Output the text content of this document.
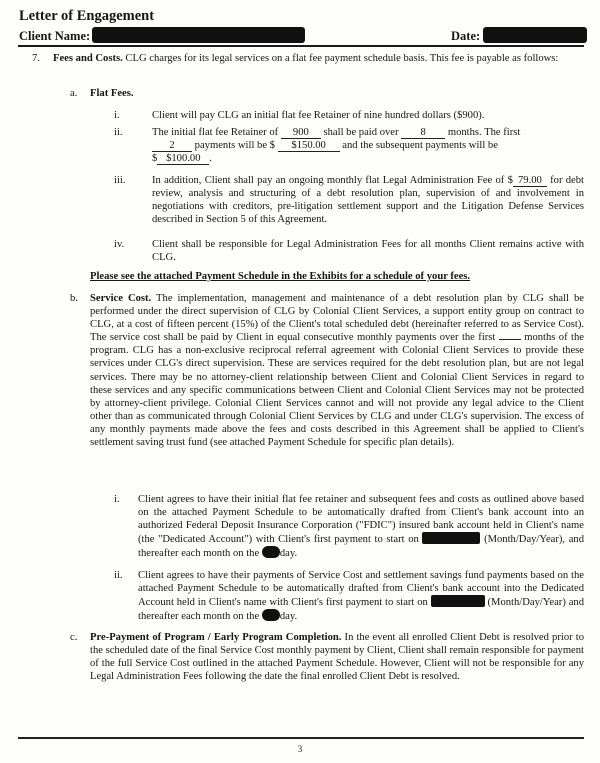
Letter of Engagement
Client Name:	Date:
7. Fees and Costs. CLG charges for its legal services on a flat fee payment schedule basis. This fee is payable as follows:
a. Flat Fees.
i.	Client will pay CLG an initial flat fee Retainer of nine hundred dollars ($900).
ii.	The initial flat fee Retainer of 900 shall be paid over 8 months. The first
2 payments will be $ $150.00 and the subsequent payments will be
$ $100.00 .
iii.	In addition, Client shall pay an ongoing monthly flat Legal Administration Fee of $ 79.00 for debt review, analysis and structuring of a debt resolution plan, supervision of and involvement in negotiations with creditors, pre-litigation settlement support and the Litigation Defense Services described in Section 5 of this Agreement.
iv.	Client shall be responsible for Legal Administration Fees for all months Client remains active with CLG.
Please see the attached Payment Schedule in the Exhibits for a schedule of your fees.
b. Service Cost. The implementation, management and maintenance of a debt resolution plan by CLG shall be performed under the direct supervision of CLG by Colonial Client Services, a support entity group on contract to CLG, at a cost of fifteen percent (15%) of the Client's total scheduled debt (hereinafter referred to as Service Cost). The service cost shall be paid by Client in equal consecutive monthly payments over the first	months of the program. CLG has a non-exclusive reciprocal referral agreement with Colonial Client Services to provide these services under CLG's direct supervision. These are services required for the debt resolution plan, but are not legal services. There may be no attorney-client relationship between Client and Colonial Client Services in regard to these services and any specific communications between Client and Colonial Client Services may not be protected by attorney-client privilege. Colonial Client Services cannot and will not provide any legal advice to the Client other than as communicated through Colonial Client Services by CLG and under CLG's supervision. The excess of any monthly payments made above the fees and costs described in this Agreement shall be applied to Client's settlement saving trust fund (see attached Payment Schedule for specific plan details).
i. Client agrees to have their initial flat fee retainer and subsequent fees and costs as outlined above based on the attached Payment Schedule to be automatically drafted from Client's bank account into an authorized Federal Deposit Insurance Corporation ("FDIC") insured bank account held in Client's name (the "Dedicated Account") with Client's first payment to start on	(Month/Day/Year), and thereafter each month on the day.
ii. Client agrees to have their payments of Service Cost and settlement savings fund payments based on the attached Payment Schedule to be automatically drafted from Client's bank account into the Dedicated Account held in Client's name with Client's first payment to start on	(Month/Day/Year) and thereafter each month on the day.
c. Pre-Payment of Program / Early Program Completion. In the event all enrolled Client Debt is resolved prior to the scheduled date of the final Service Cost monthly payment by Client, Client shall remain responsible for payment of the full Service Cost outlined in the attached Payment Schedule. However, Client will not be responsible for any Legal Administration Fees following the date the final enrolled Client Debt is resolved.
3
